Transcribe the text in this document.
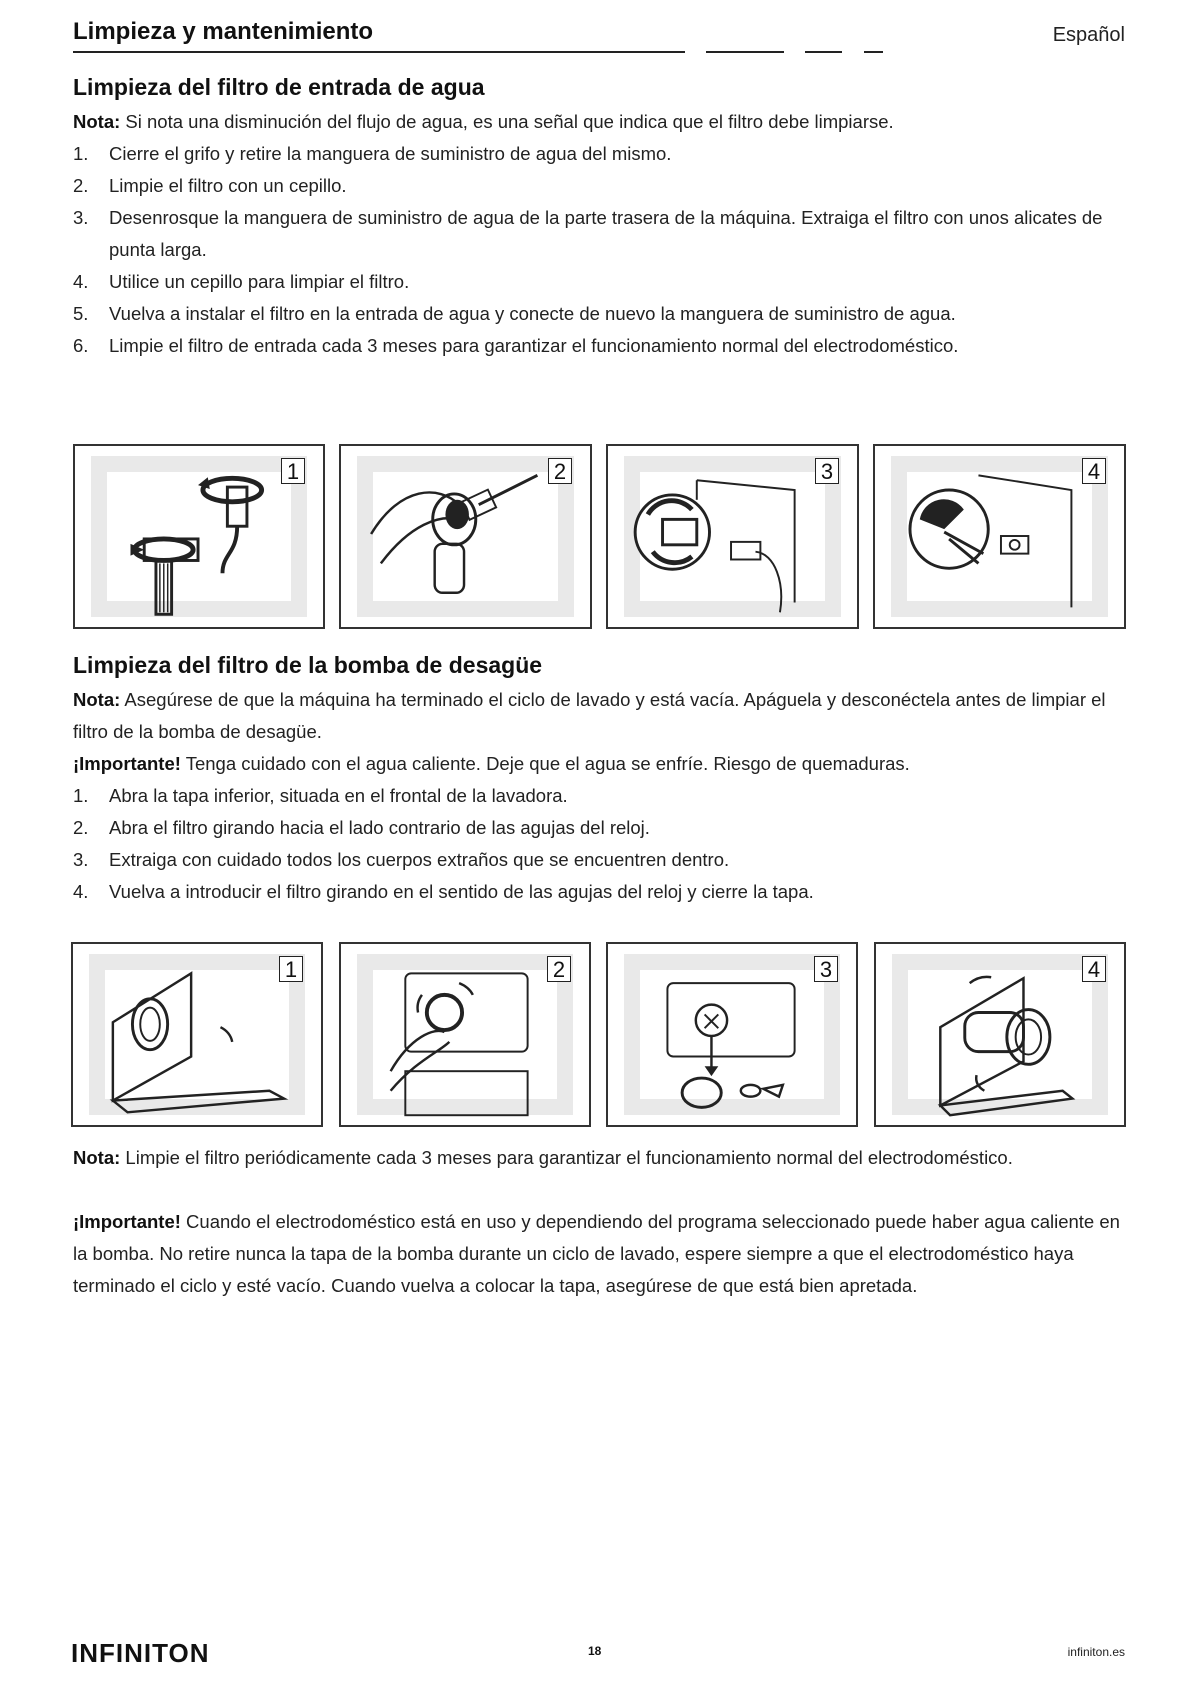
Limpieza y mantenimiento	Español
Limpieza del filtro de entrada de agua

Nota: Si nota una disminución del flujo de agua, es una señal que indica que el filtro debe limpiarse.

1. Cierre el grifo y retire la manguera de suministro de agua del mismo.
2. Limpie el filtro con un cepillo.
3. Desenrosque la manguera de suministro de agua de la parte trasera de la máquina. Extraiga el filtro con unos alicates de punta larga.
4. Utilice un cepillo para limpiar el filtro.
5. Vuelva a instalar el filtro en la entrada de agua y conecte de nuevo la manguera de suministro de agua.
6. Limpie el filtro de entrada cada 3 meses para garantizar el funcionamiento normal del electrodoméstico.
1	2	3	4
Limpieza del filtro de la bomba de desagüe

Nota: Asegúrese de que la máquina ha terminado el ciclo de lavado y está vacía. Apáguela y desconéctela antes de limpiar el filtro de la bomba de desagüe.

¡Importante! Tenga cuidado con el agua caliente. Deje que el agua se enfríe. Riesgo de quemaduras.

1. Abra la tapa inferior, situada en el frontal de la lavadora.
2. Abra el filtro girando hacia el lado contrario de las agujas del reloj.
3. Extraiga con cuidado todos los cuerpos extraños que se encuentren dentro.
4. Vuelva a introducir el filtro girando en el sentido de las agujas del reloj y cierre la tapa.
1	2	3	4

Nota: Limpie el filtro periódicamente cada 3 meses para garantizar el funcionamiento normal del electrodoméstico.

¡Importante! Cuando el electrodoméstico está en uso y dependiendo del programa seleccionado puede haber agua caliente en la bomba. No retire nunca la tapa de la bomba durante un ciclo de lavado, espere siempre a que el electrodoméstico haya terminado el ciclo y esté vacío. Cuando vuelva a colocar la tapa, asegúrese de que está bien apretada.

INFINITON	18	infiniton.es
